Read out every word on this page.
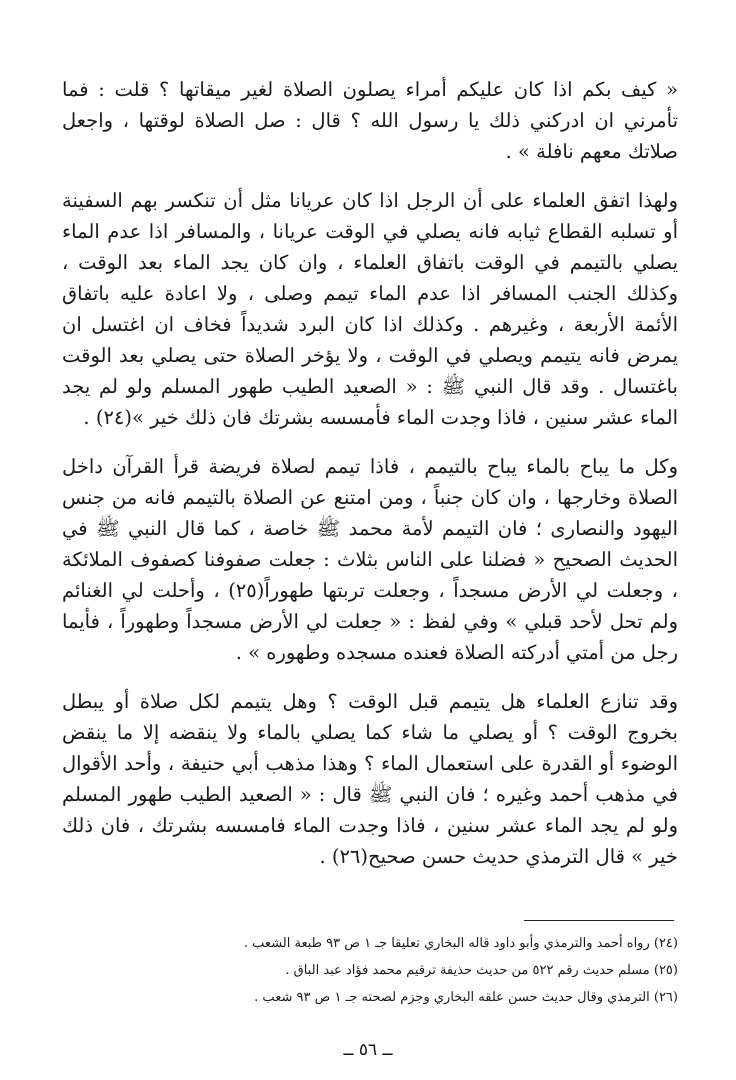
« كيف بكم اذا كان عليكم أمراء يصلون الصلاة لغير ميقاتها ؟ قلت : فما تأمرني ان ادركني ذلك يا رسول الله ؟ قال : صل الصلاة لوقتها ، واجعل صلاتك معهم نافلة » .

ولهذا اتفق العلماء على أن الرجل اذا كان عريانا مثل أن تنكسر بهم السفينة أو تسلبه القطاع ثيابه فانه يصلي في الوقت عريانا ، والمسافر اذا عدم الماء يصلي بالتيمم في الوقت باتفاق العلماء ، وان كان يجد الماء بعد الوقت ، وكذلك الجنب المسافر اذا عدم الماء تيمم وصلى ، ولا اعادة عليه باتفاق الأئمة الأربعة ، وغيرهم . وكذلك اذا كان البرد شديداً فخاف ان اغتسل ان يمرض فانه يتيمم ويصلي في الوقت ، ولا يؤخر الصلاة حتى يصلي بعد الوقت باغتسال . وقد قال النبي ﷺ : « الصعيد الطيب طهور المسلم ولو لم يجد الماء عشر سنين ، فاذا وجدت الماء فأمسسه بشرتك فان ذلك خير »(٢٤) .

وكل ما يباح بالماء يباح بالتيمم ، فاذا تيمم لصلاة فريضة قرأ القرآن داخل الصلاة وخارجها ، وان كان جنباً ، ومن امتنع عن الصلاة بالتيمم فانه من جنس اليهود والنصارى ؛ فان التيمم لأمة محمد ﷺ خاصة ، كما قال النبي ﷺ في الحديث الصحيح « فضلنا على الناس بثلاث : جعلت صفوفنا كصفوف الملائكة ، وجعلت لي الأرض مسجداً ، وجعلت تربتها طهوراً(٢٥) ، وأحلت لي الغنائم ولم تحل لأحد قبلي » وفي لفظ : « جعلت لي الأرض مسجداً وطهوراً ، فأيما رجل من أمتي أدركته الصلاة فعنده مسجده وطهوره » .

وقد تنازع العلماء هل يتيمم قبل الوقت ؟ وهل يتيمم لكل صلاة أو يبطل بخروج الوقت ؟ أو يصلي ما شاء كما يصلي بالماء ولا ينقضه إلا ما ينقض الوضوء أو القدرة على استعمال الماء ؟ وهذا مذهب أبي حنيفة ، وأحد الأقوال في مذهب أحمد وغيره ؛ فان النبي ﷺ قال : « الصعيد الطيب طهور المسلم ولو لم يجد الماء عشر سنين ، فاذا وجدت الماء فامسسه بشرتك ، فان ذلك خير » قال الترمذي حديث حسن صحيح(٢٦) .

(٢٤) رواه أحمد والترمذي وأبو داود قاله البخاري تعليقا جـ ١ ص ٩٣ طبعة الشعب .

(٢٥) مسلم حديث رقم ٥٢٢ من حديث حذيفة ترقيم محمد فؤاد عبد الباق .

(٢٦) الترمذي وقال حديث حسن علقه البخاري وجزم لصحته جـ ١ ص ٩٣ شعب .

ــ ٥٦ ــ
